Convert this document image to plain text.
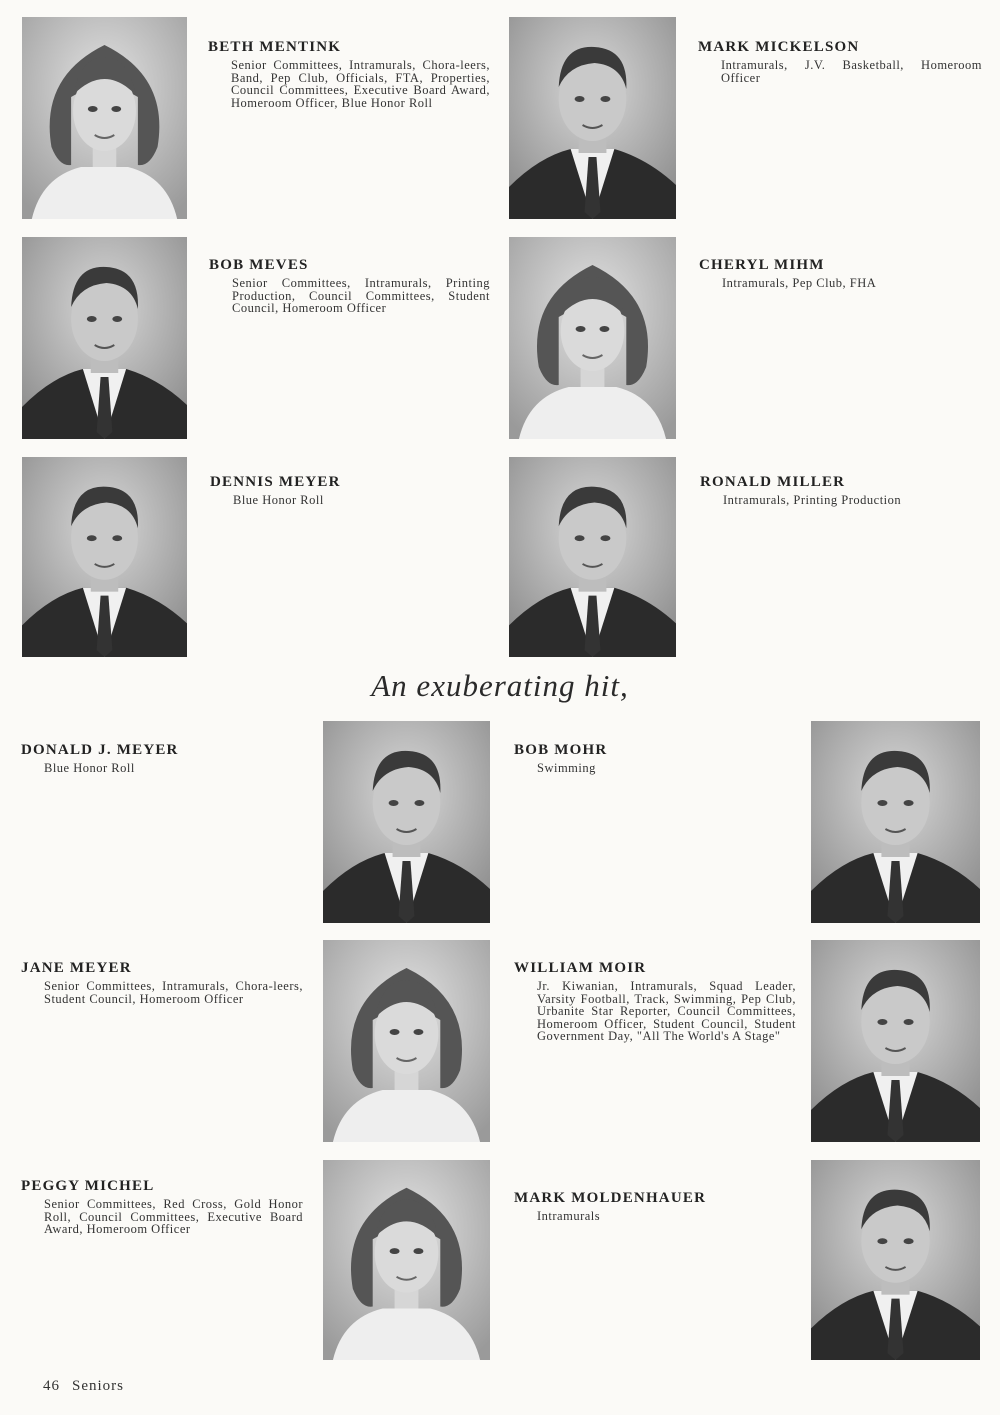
BETH MENTINK

Senior Committees, Intramurals, Chora-leers, Band, Pep Club, Officials, FTA, Properties, Council Committees, Executive Board Award, Homeroom Officer, Blue Honor Roll

MARK MICKELSON

Intramurals, J.V. Basketball, Homeroom Officer

BOB MEVES

Senior Committees, Intramurals, Printing Production, Council Committees, Student Council, Homeroom Officer

CHERYL MIHM

Intramurals, Pep Club, FHA

DENNIS MEYER

Blue Honor Roll

RONALD MILLER

Intramurals, Printing Production

An exuberating hit,

DONALD J. MEYER

Blue Honor Roll

BOB MOHR

Swimming

JANE MEYER

Senior Committees, Intramurals, Chora-leers, Student Council, Homeroom Officer

WILLIAM MOIR

Jr. Kiwanian, Intramurals, Squad Leader, Varsity Football, Track, Swimming, Pep Club, Urbanite Star Reporter, Council Committees, Homeroom Officer, Student Council, Student Government Day, "All The World's A Stage"

PEGGY MICHEL

Senior Committees, Red Cross, Gold Honor Roll, Council Committees, Executive Board Award, Homeroom Officer

MARK MOLDENHAUER

Intramurals

46 Seniors
